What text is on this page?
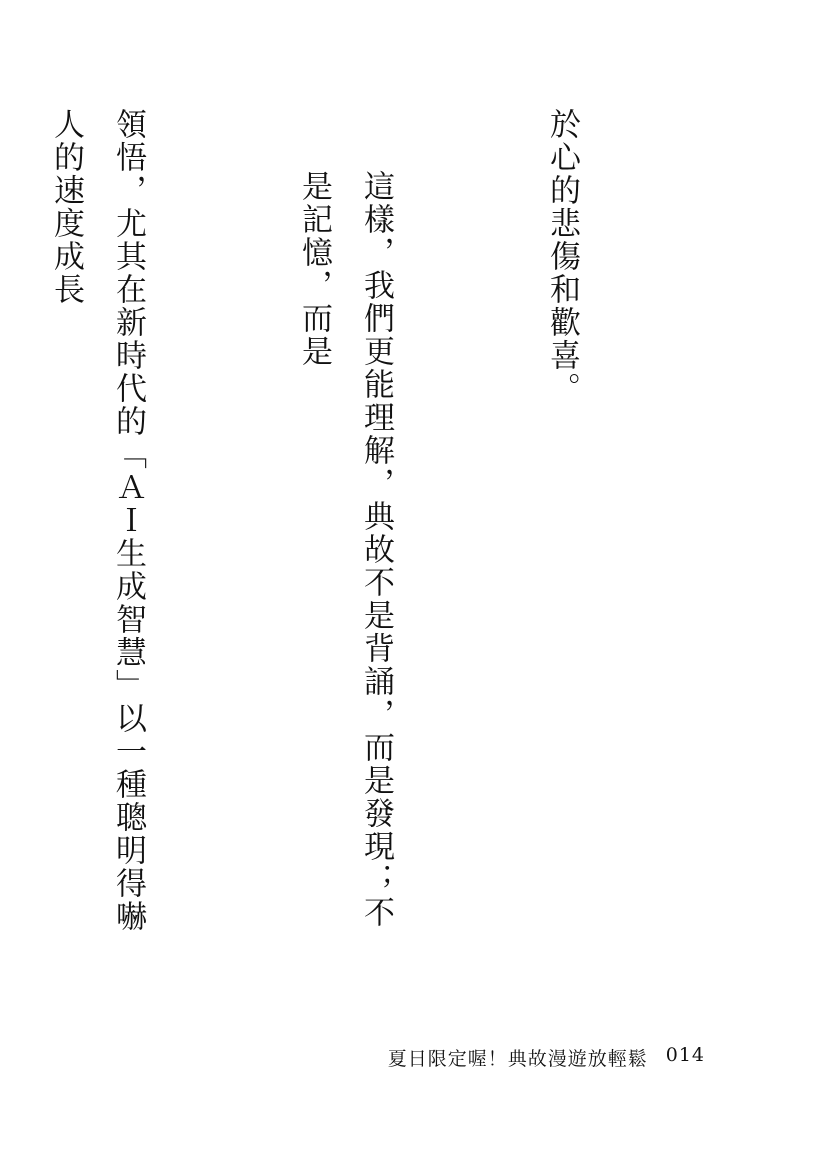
於心的悲傷和歡喜。

這樣，我們更能理解，典故不是背誦，而是發現；不是記憶，而是

領悟，尤其在新時代的「ＡＩ生成智慧」以一種聰明得嚇人的速度成長

夏日限定喔！典故漫遊放輕鬆 014
